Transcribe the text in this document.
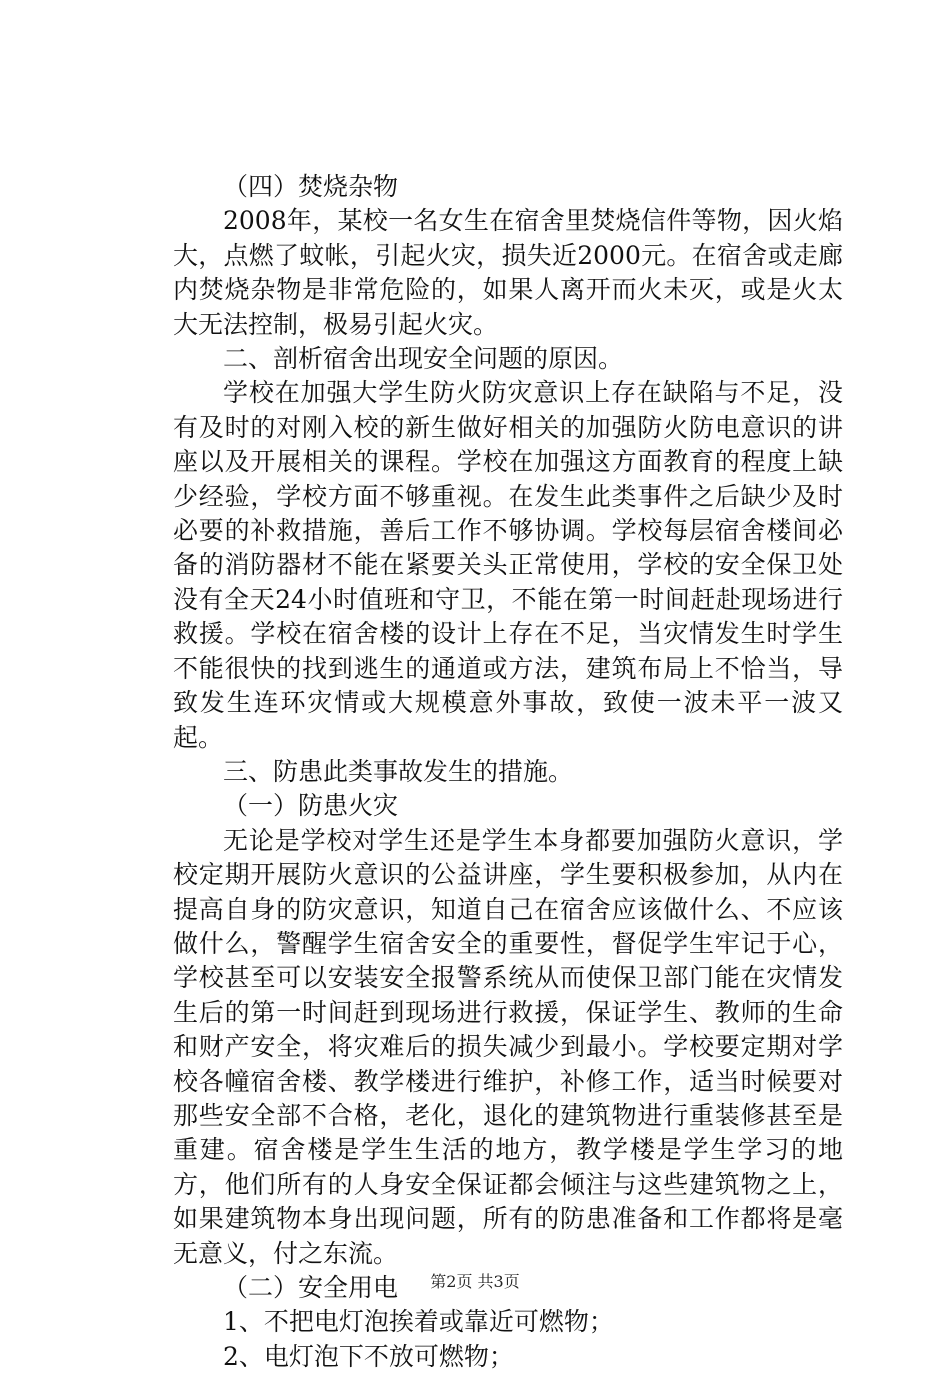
（四）焚烧杂物

2008年，某校一名女生在宿舍里焚烧信件等物，因火焰大，点燃了蚊帐，引起火灾，损失近2000元。在宿舍或走廊内焚烧杂物是非常危险的，如果人离开而火未灭，或是火太大无法控制，极易引起火灾。

二、剖析宿舍出现安全问题的原因。

学校在加强大学生防火防灾意识上存在缺陷与不足，没有及时的对刚入校的新生做好相关的加强防火防电意识的讲座以及开展相关的课程。学校在加强这方面教育的程度上缺少经验，学校方面不够重视。在发生此类事件之后缺少及时必要的补救措施，善后工作不够协调。学校每层宿舍楼间必备的消防器材不能在紧要关头正常使用，学校的安全保卫处没有全天24小时值班和守卫，不能在第一时间赶赴现场进行救援。学校在宿舍楼的设计上存在不足，当灾情发生时学生不能很快的找到逃生的通道或方法，建筑布局上不恰当，导致发生连环灾情或大规模意外事故，致使一波未平一波又起。

三、防患此类事故发生的措施。

（一）防患火灾

无论是学校对学生还是学生本身都要加强防火意识，学校定期开展防火意识的公益讲座，学生要积极参加，从内在提高自身的防灾意识，知道自己在宿舍应该做什么、不应该做什么，警醒学生宿舍安全的重要性，督促学生牢记于心，学校甚至可以安装安全报警系统从而使保卫部门能在灾情发生后的第一时间赶到现场进行救援，保证学生、教师的生命和财产安全，将灾难后的损失减少到最小。学校要定期对学校各幢宿舍楼、教学楼进行维护，补修工作，适当时候要对那些安全部不合格，老化，退化的建筑物进行重装修甚至是重建。宿舍楼是学生生活的地方，教学楼是学生学习的地方，他们所有的人身安全保证都会倾注与这些建筑物之上，如果建筑物本身出现问题，所有的防患准备和工作都将是毫无意义，付之东流。

（二）安全用电

1、不把电灯泡挨着或靠近可燃物；

2、电灯泡下不放可燃物；

第2页 共3页
